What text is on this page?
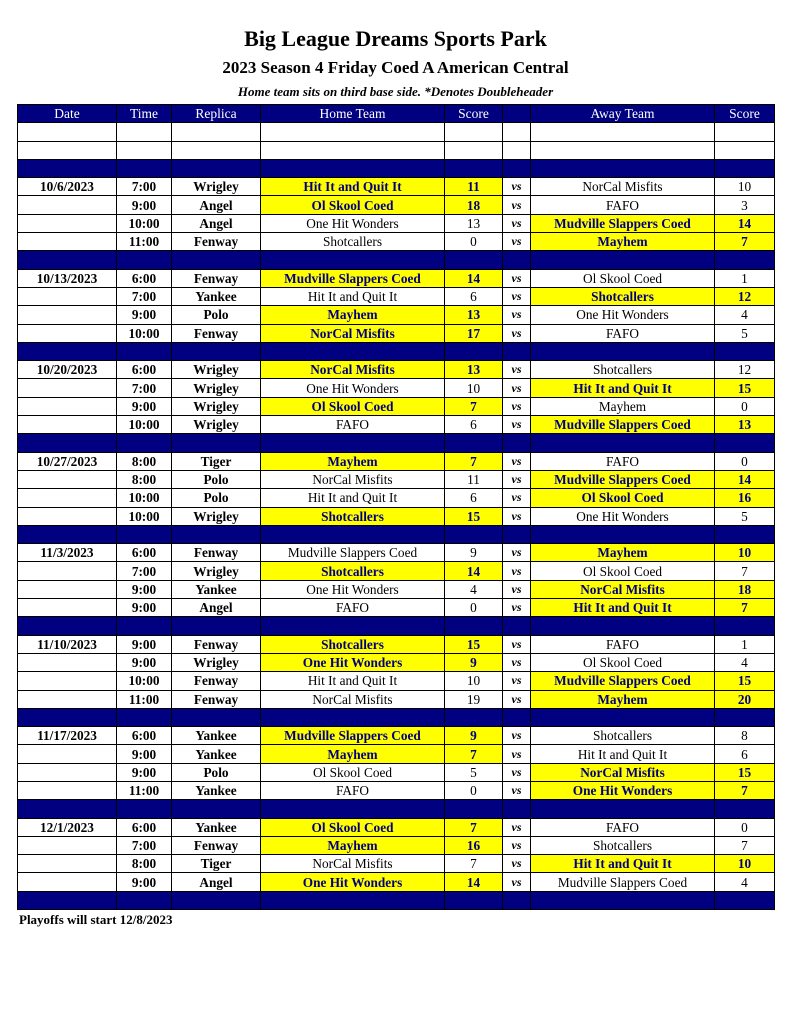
Big League Dreams Sports Park
2023 Season 4 Friday Coed A American Central
Home team sits on third base side. *Denotes Doubleheader
Date	Time	Replica	Home Team	Score		Away Team	Score

10/6/2023	7:00	Wrigley	Hit It and Quit It	11	vs	NorCal Misfits	10
	9:00	Angel	Ol Skool Coed	18	vs	FAFO	3
	10:00	Angel	One Hit Wonders	13	vs	Mudville Slappers Coed	14
	11:00	Fenway	Shotcallers	0	vs	Mayhem	7

10/13/2023	6:00	Fenway	Mudville Slappers Coed	14	vs	Ol Skool Coed	1
	7:00	Yankee	Hit It and Quit It	6	vs	Shotcallers	12
	9:00	Polo	Mayhem	13	vs	One Hit Wonders	4
	10:00	Fenway	NorCal Misfits	17	vs	FAFO	5

10/20/2023	6:00	Wrigley	NorCal Misfits	13	vs	Shotcallers	12
	7:00	Wrigley	One Hit Wonders	10	vs	Hit It and Quit It	15
	9:00	Wrigley	Ol Skool Coed	7	vs	Mayhem	0
	10:00	Wrigley	FAFO	6	vs	Mudville Slappers Coed	13

10/27/2023	8:00	Tiger	Mayhem	7	vs	FAFO	0
	8:00	Polo	NorCal Misfits	11	vs	Mudville Slappers Coed	14
	10:00	Polo	Hit It and Quit It	6	vs	Ol Skool Coed	16
	10:00	Wrigley	Shotcallers	15	vs	One Hit Wonders	5

11/3/2023	6:00	Fenway	Mudville Slappers Coed	9	vs	Mayhem	10
	7:00	Wrigley	Shotcallers	14	vs	Ol Skool Coed	7
	9:00	Yankee	One Hit Wonders	4	vs	NorCal Misfits	18
	9:00	Angel	FAFO	0	vs	Hit It and Quit It	7

11/10/2023	9:00	Fenway	Shotcallers	15	vs	FAFO	1
	9:00	Wrigley	One Hit Wonders	9	vs	Ol Skool Coed	4
	10:00	Fenway	Hit It and Quit It	10	vs	Mudville Slappers Coed	15
	11:00	Fenway	NorCal Misfits	19	vs	Mayhem	20

11/17/2023	6:00	Yankee	Mudville Slappers Coed	9	vs	Shotcallers	8
	9:00	Yankee	Mayhem	7	vs	Hit It and Quit It	6
	9:00	Polo	Ol Skool Coed	5	vs	NorCal Misfits	15
	11:00	Yankee	FAFO	0	vs	One Hit Wonders	7

12/1/2023	6:00	Yankee	Ol Skool Coed	7	vs	FAFO	0
	7:00	Fenway	Mayhem	16	vs	Shotcallers	7
	8:00	Tiger	NorCal Misfits	7	vs	Hit It and Quit It	10
	9:00	Angel	One Hit Wonders	14	vs	Mudville Slappers Coed	4

Playoffs will start 12/8/2023
